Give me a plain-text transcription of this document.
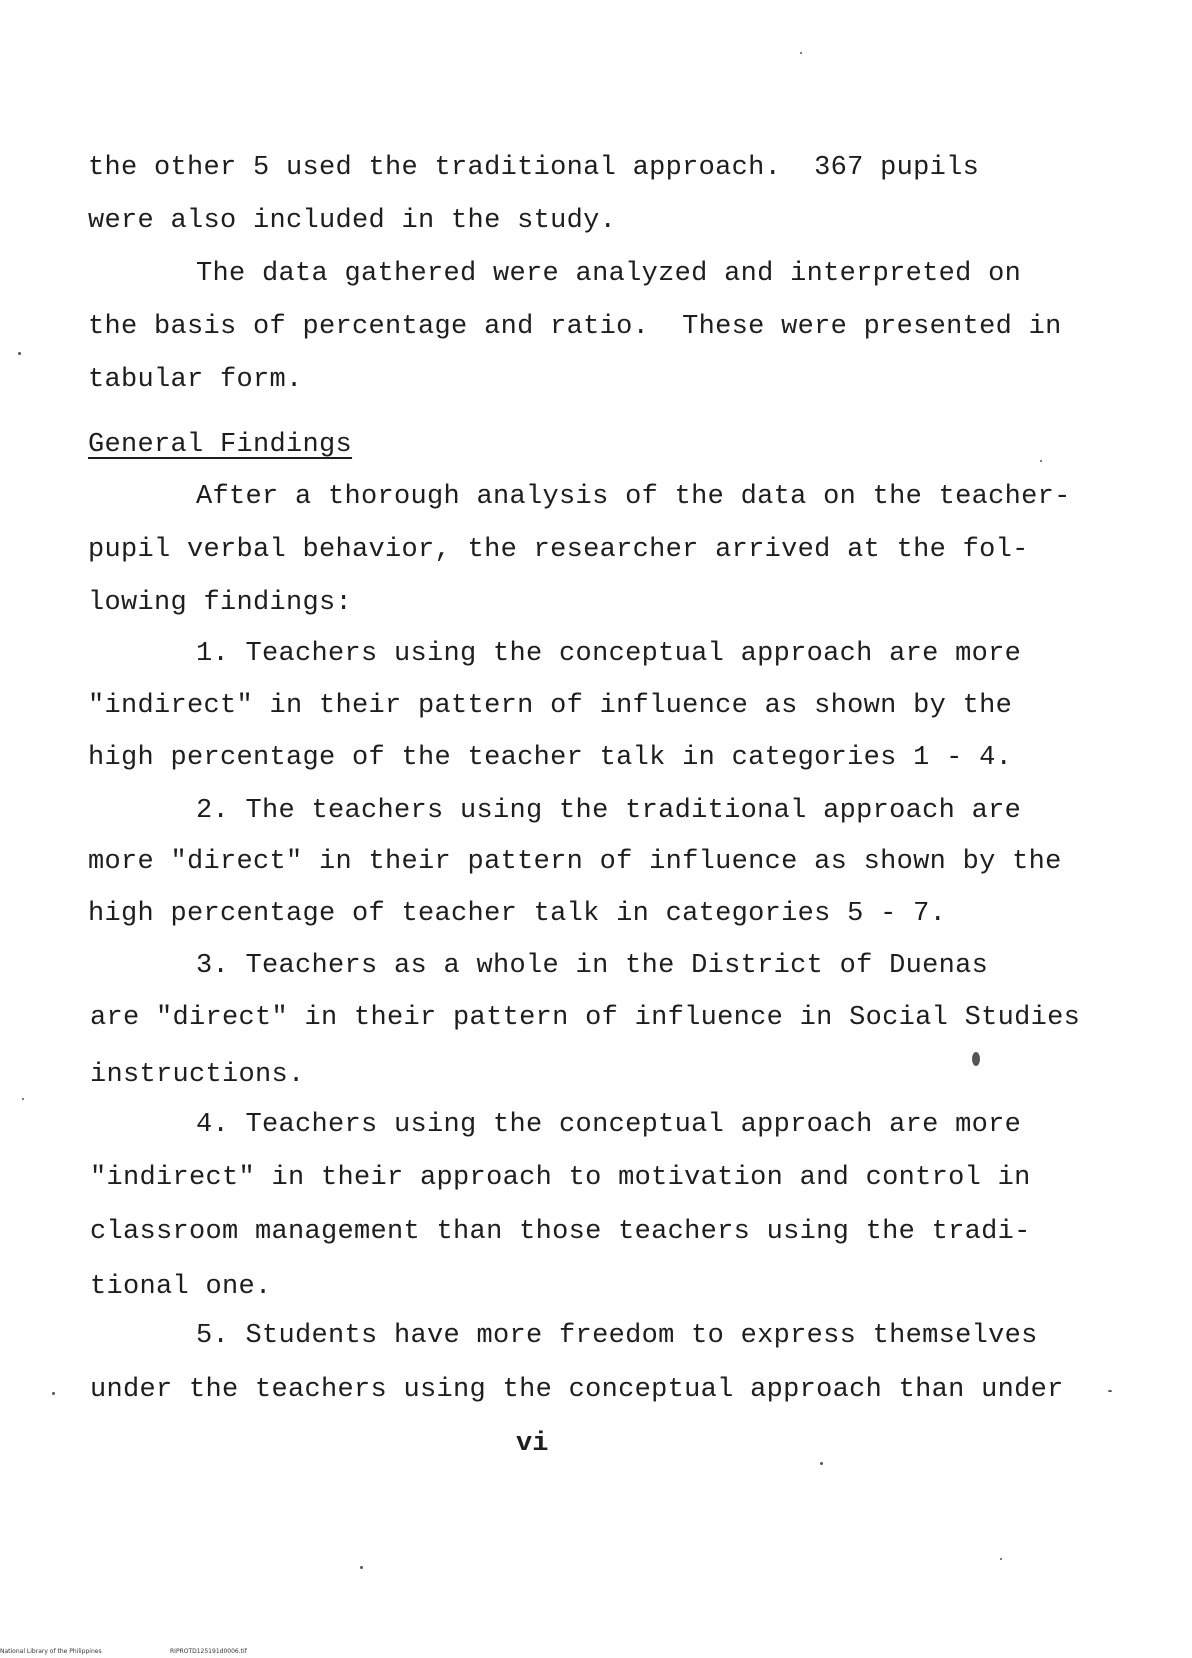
the other 5 used the traditional approach.  367 pupils
were also included in the study.
The data gathered were analyzed and interpreted on
the basis of percentage and ratio.  These were presented in
tabular form.
General Findings
After a thorough analysis of the data on the teacher-
pupil verbal behavior, the researcher arrived at the fol-
lowing findings:
1. Teachers using the conceptual approach are more
"indirect" in their pattern of influence as shown by the
high percentage of the teacher talk in categories 1 - 4.
2. The teachers using the traditional approach are
more "direct" in their pattern of influence as shown by the
high percentage of teacher talk in categories 5 - 7.
3. Teachers as a whole in the District of Duenas
are "direct" in their pattern of influence in Social Studies
instructions.
4. Teachers using the conceptual approach are more
"indirect" in their approach to motivation and control in
classroom management than those teachers using the tradi-
tional one.
5. Students have more freedom to express themselves
under the teachers using the conceptual approach than under
vi
National Library of the Philippines	RIPROTD125191d0006.tif
